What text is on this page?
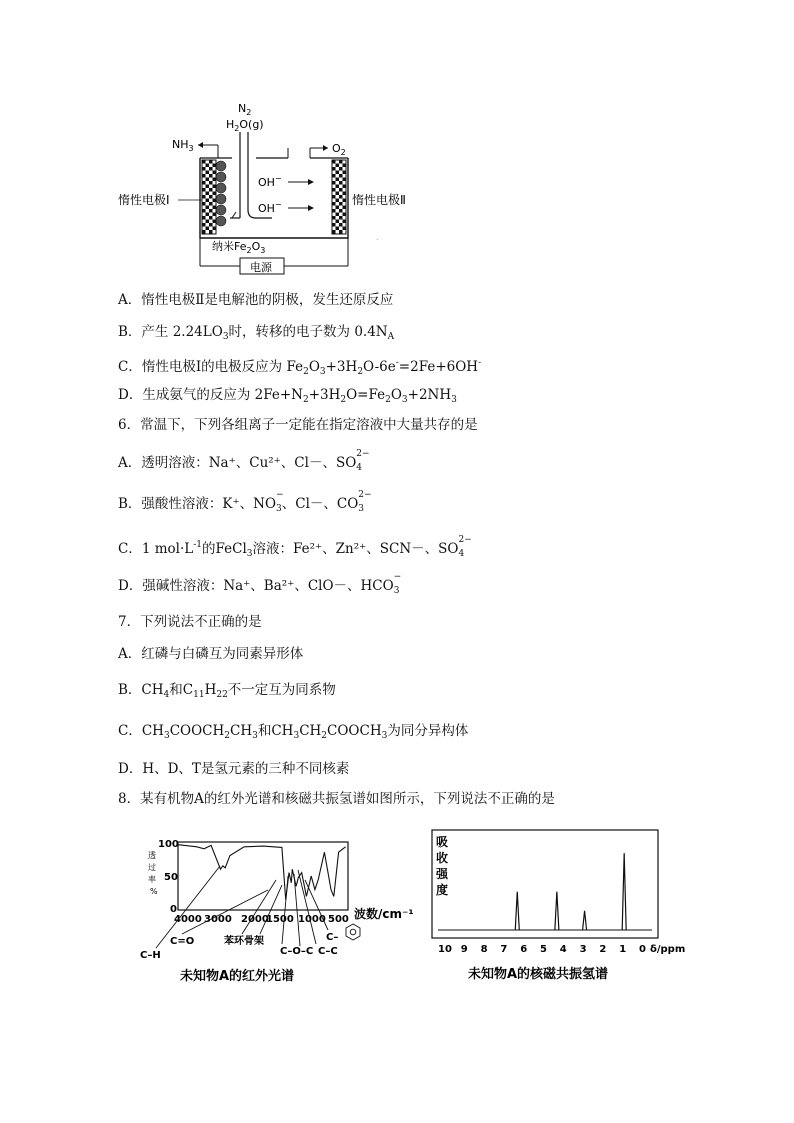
$N_2$
$H_2O(g)$
$NH_3$	$O_2$
OH−
OH−
惰性电极Ⅰ	惰性电极Ⅱ
纳米$Fe_2O_3$
电源
˙
A．惰性电极Ⅱ是电解池的阴极，发生还原反应
B．产生 $2.24LO_3$时，转移的电子数为 $0.4N_A$
C．惰性电极Ⅰ的电极反应为 $Fe_2O_3+3H_2O-6e^-=2Fe+6OH^-$
D．生成氨气的反应为 $2Fe+N_2+3H_2O=Fe_2O_3+2NH_3$
6．常温下，下列各组离子一定能在指定溶液中大量共存的是
A．透明溶液：Na⁺、Cu²⁺、Cl－、SO
2−
$_4$
B．强酸性溶液：K⁺、NO
−
$_3$、Cl－、CO
2−
$_3$
C．1 $mol\cdot L^{-1}$的FeCl$_3$溶液：Fe²⁺、Zn²⁺、SCN－、SO
2−
$_4$
D．强碱性溶液：Na⁺、Ba²⁺、ClO－、HCO
−
$_3$
7．下列说法不正确的是
A．红磷与白磷互为同素异形体
B．$CH_4$和$C_{11}H_{22}$不一定互为同系物
C．$CH_3COOCH_2CH_3$和$CH_3CH_2COOCH_3$为同分异构体
D．H、D、T是氢元素的三种不同核素
8．某有机物A的红外光谱和核磁共振氢谱如图所示，下列说法不正确的是
透
过
率
%
100
50
0
4000 3000 2000
1500 1000 500 波数/cm⁻¹
C–H
C=O	苯环骨架
C–O–C C–C
C–
未知物A的红外光谱
吸
收
强
度
10 9 8 7 6 5 4 3 2 1 0 δ/ppm
未知物A的核磁共振氢谱
